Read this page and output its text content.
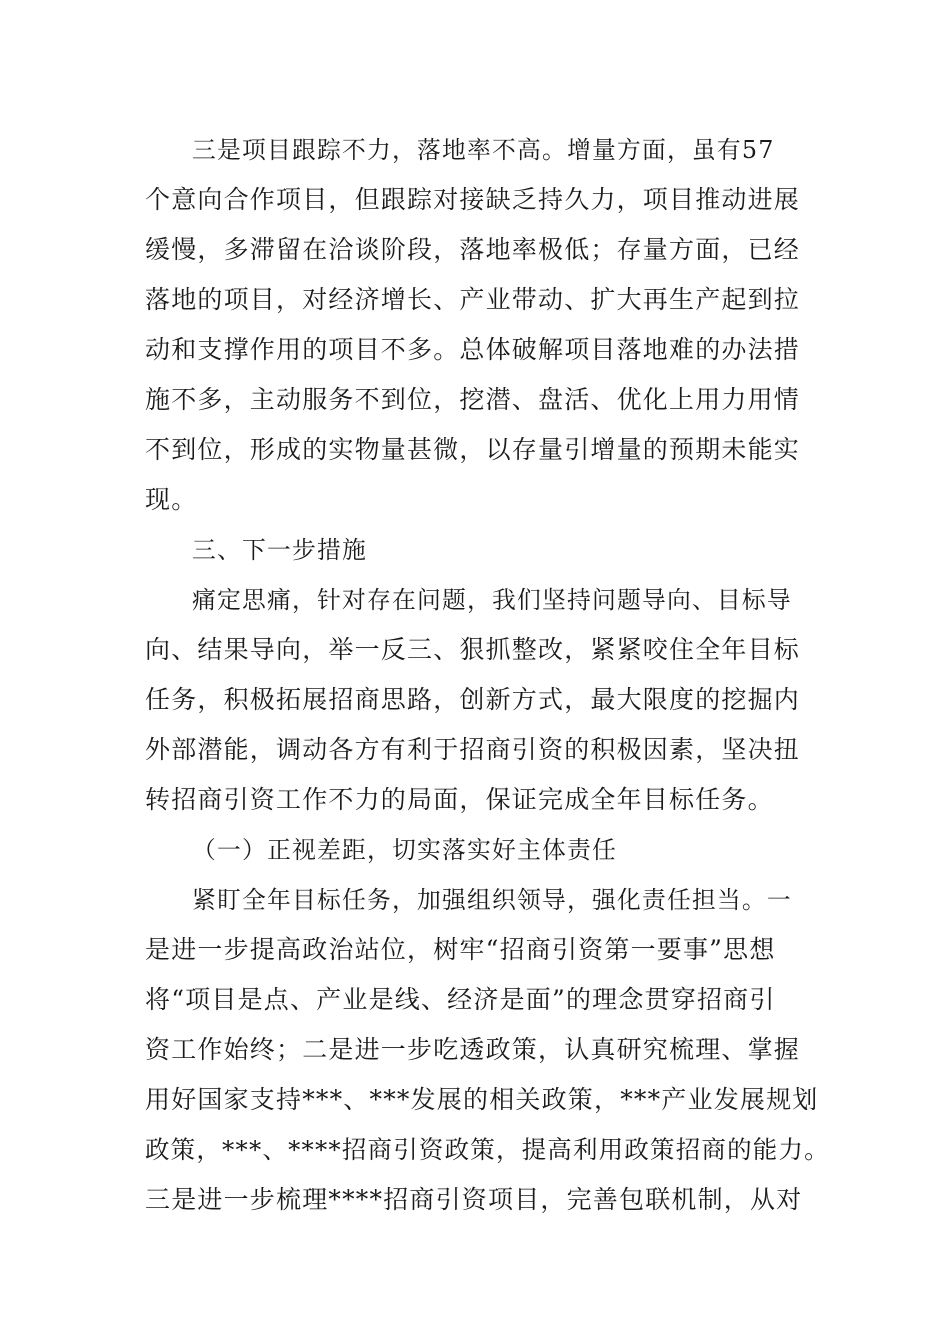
三是项目跟踪不力，落地率不高。增量方面，虽有57
个意向合作项目，但跟踪对接缺乏持久力，项目推动进展
缓慢，多滞留在洽谈阶段，落地率极低；存量方面，已经
落地的项目，对经济增长、产业带动、扩大再生产起到拉
动和支撑作用的项目不多。总体破解项目落地难的办法措
施不多，主动服务不到位，挖潜、盘活、优化上用力用情
不到位，形成的实物量甚微，以存量引增量的预期未能实
现。
三、下一步措施
痛定思痛，针对存在问题，我们坚持问题导向、目标导
向、结果导向，举一反三、狠抓整改，紧紧咬住全年目标
任务，积极拓展招商思路，创新方式，最大限度的挖掘内
外部潜能，调动各方有利于招商引资的积极因素，坚决扭
转招商引资工作不力的局面，保证完成全年目标任务。
（一）正视差距，切实落实好主体责任
紧盯全年目标任务，加强组织领导，强化责任担当。一
是进一步提高政治站位，树牢“招商引资第一要事”思想
将“项目是点、产业是线、经济是面”的理念贯穿招商引
资工作始终；二是进一步吃透政策，认真研究梳理、掌握
用好国家支持***、***发展的相关政策，***产业发展规划
政策，***、****招商引资政策，提高利用政策招商的能力。
三是进一步梳理****招商引资项目，完善包联机制，从对
